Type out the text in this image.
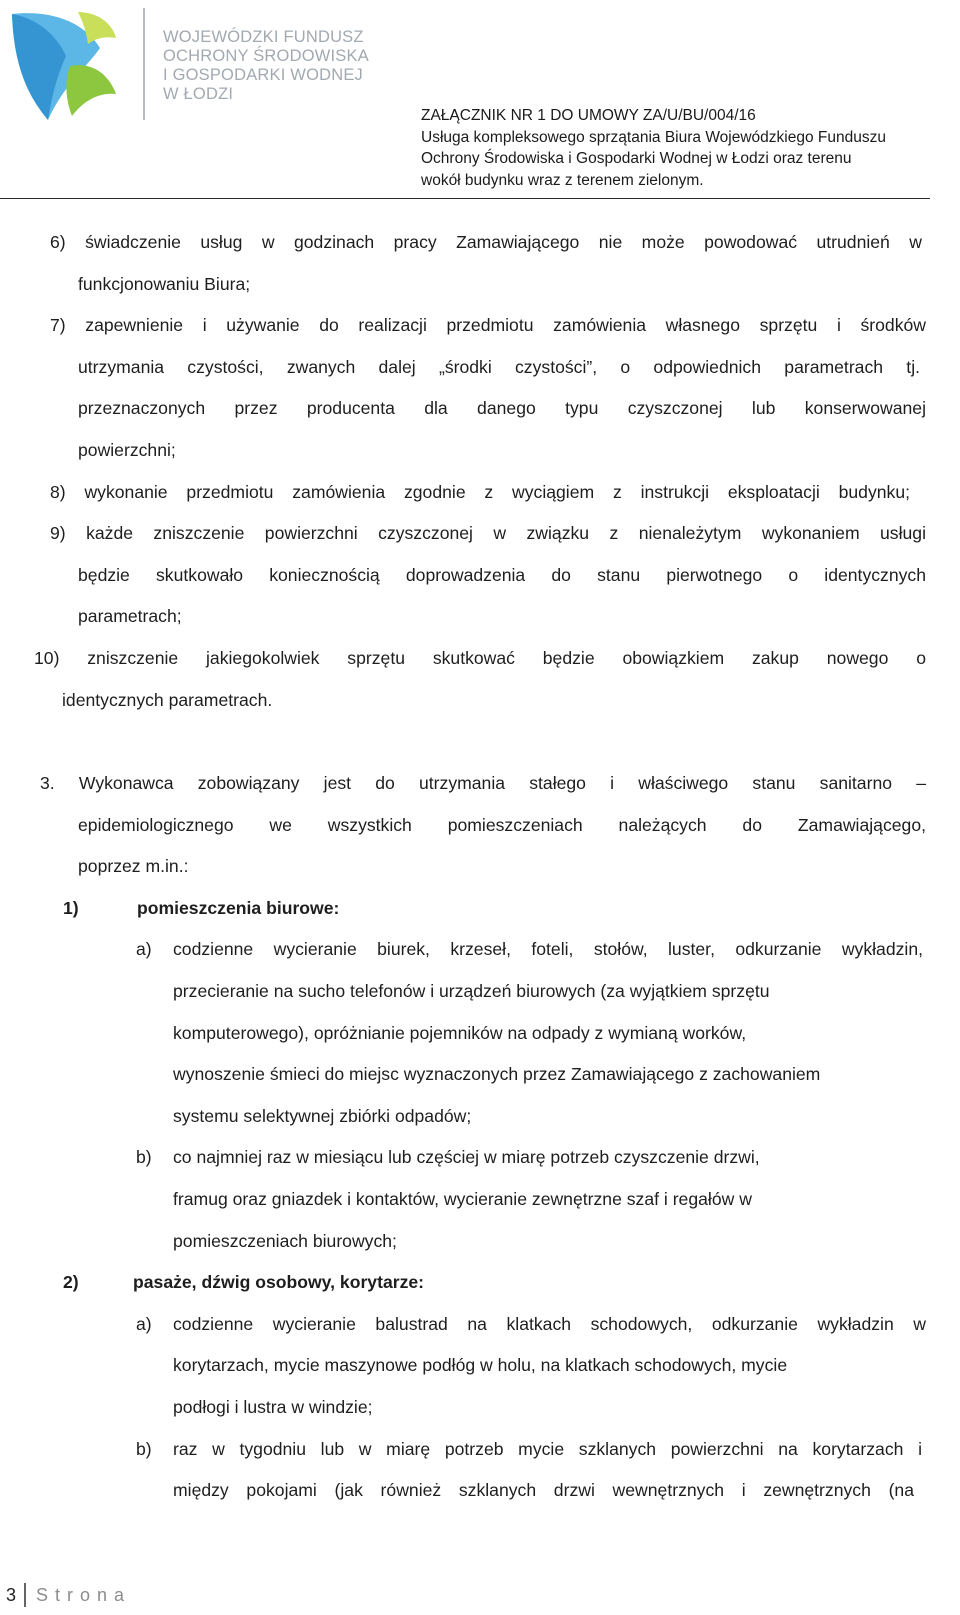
WOJEWÓDZKI FUNDUSZ
OCHRONY ŚRODOWISKA
I GOSPODARKI WODNEJ
W ŁODZI
ZAŁĄCZNIK NR 1 DO UMOWY ZA/U/BU/004/16
Usługa kompleksowego sprzątania Biura Wojewódzkiego Funduszu
Ochrony Środowiska i Gospodarki Wodnej w Łodzi oraz terenu
wokół budynku wraz z terenem zielonym.
6) świadczenie usług w godzinach pracy Zamawiającego nie może powodować utrudnień w
funkcjonowaniu Biura;
7) zapewnienie i używanie do realizacji przedmiotu zamówienia własnego sprzętu i środków
utrzymania czystości, zwanych dalej „środki czystości”, o odpowiednich parametrach tj.
przeznaczonych przez producenta dla danego typu czyszczonej lub konserwowanej
powierzchni;
8) wykonanie przedmiotu zamówienia zgodnie z wyciągiem z instrukcji eksploatacji budynku;
9) każde zniszczenie powierzchni czyszczonej w związku z nienależytym wykonaniem usługi
będzie skutkowało koniecznością doprowadzenia do stanu pierwotnego o identycznych
parametrach;
10) zniszczenie jakiegokolwiek sprzętu skutkować będzie obowiązkiem zakup nowego o
identycznych parametrach.
3. Wykonawca zobowiązany jest do utrzymania stałego i właściwego stanu sanitarno –
epidemiologicznego we wszystkich pomieszczeniach należących do Zamawiającego,
poprzez m.in.:
1)	pomieszczenia biurowe:
a) codzienne wycieranie biurek, krzeseł, foteli, stołów, luster, odkurzanie wykładzin,
przecieranie na sucho telefonów i urządzeń biurowych (za wyjątkiem sprzętu
komputerowego), opróżnianie pojemników na odpady z wymianą worków,
wynoszenie śmieci do miejsc wyznaczonych przez Zamawiającego z zachowaniem
systemu selektywnej zbiórki odpadów;
b) co najmniej raz w miesiącu lub częściej w miarę potrzeb czyszczenie drzwi,
framug oraz gniazdek i kontaktów, wycieranie zewnętrzne szaf i regałów w
pomieszczeniach biurowych;
2)	pasaże, dźwig osobowy, korytarze:
a) codzienne wycieranie balustrad na klatkach schodowych, odkurzanie wykładzin w
korytarzach, mycie maszynowe podłóg w holu, na klatkach schodowych, mycie
podłogi i lustra w windzie;
b) raz w tygodniu lub w miarę potrzeb mycie szklanych powierzchni na korytarzach i
między pokojami (jak również szklanych drzwi wewnętrznych i zewnętrznych (na
3 Strona
